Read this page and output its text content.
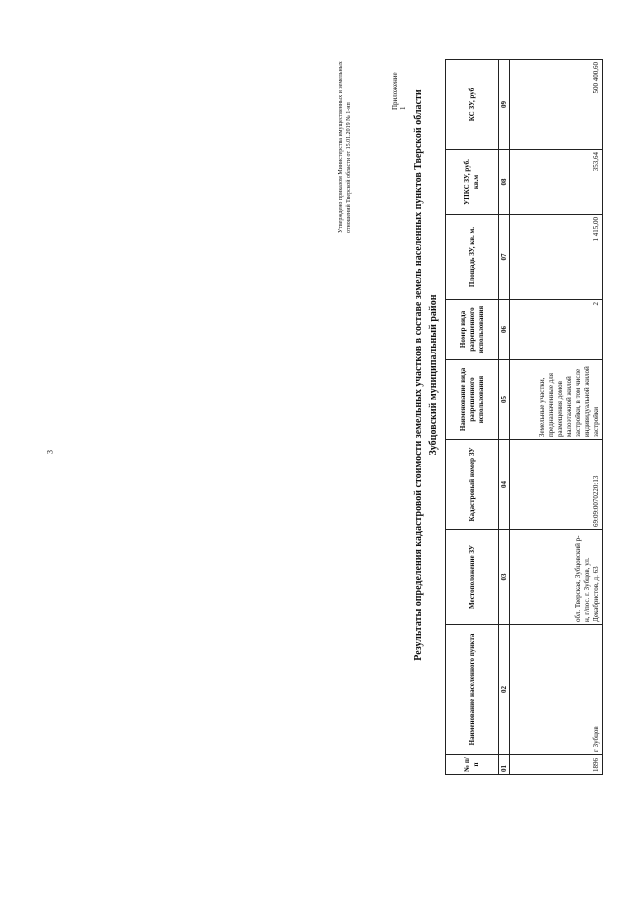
3
Утверждено приказом Министерства имущественных и земельных отношений Тверской области от 15.01.2019 № 1-нп
Приложение 1 Результаты определения кадастровой стоимости земельных участков в составе земель населенных пунктов Тверской области Зубцовский муниципальный район
№ п/п	Наименование населенного пункта	Местоположение ЗУ	Кадастровый номер ЗУ	Наименование вида разрешенного использования	Номер вида разрешенного использования	Площадь ЗУ, кв. м.	УПКС ЗУ, руб. кв.м	КС ЗУ, руб
01	02	03	04	05	06	07	08	09
1896	г Зубцов	обл. Тверская, Зубцовский р-н, г/пос. г. Зубцов, ул. Декабристов, д. 63	69:09:0070220:13	Земельные участки, предназначенные для размещения домов малоэтажной жилой застройки, в том числе индивидуальной жилой застройки	2	1 415,00	353,64	500 400,60
